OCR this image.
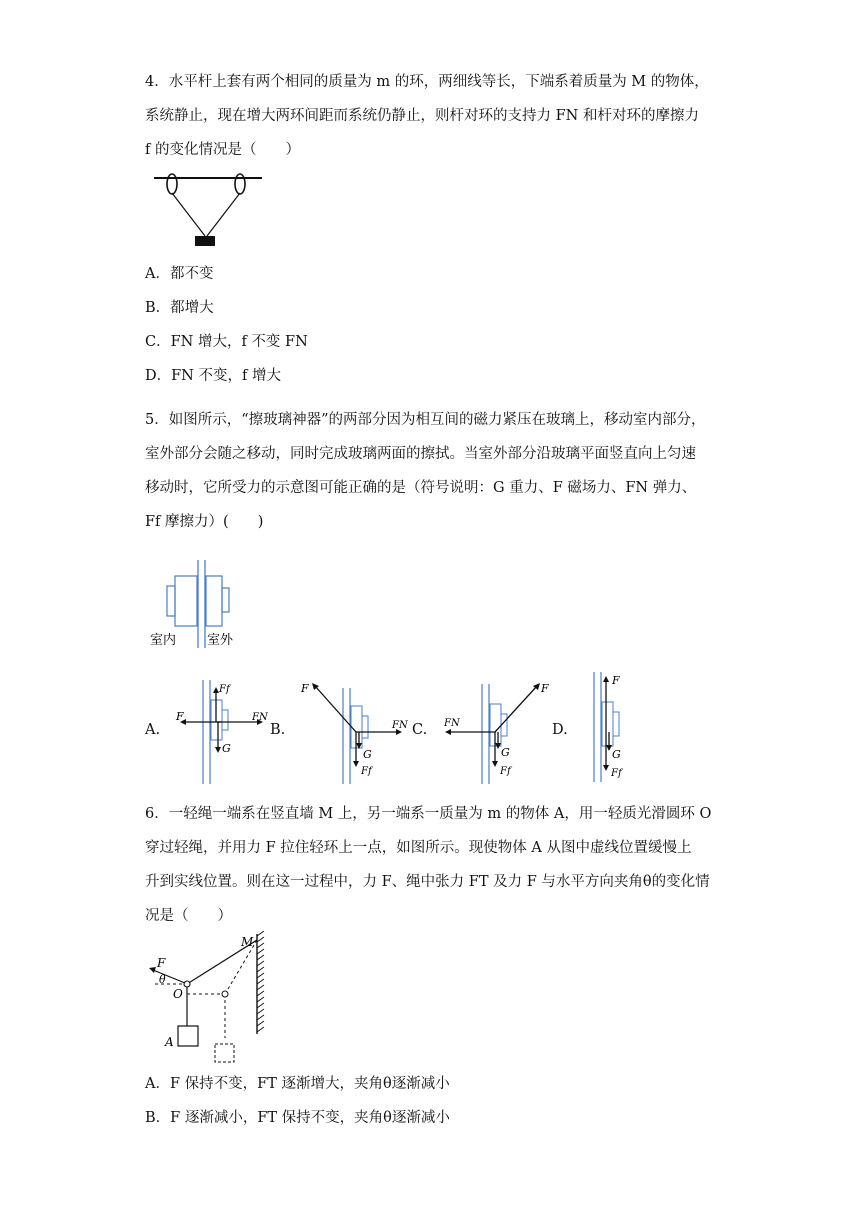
4．水平杆上套有两个相同的质量为 m 的环，两细线等长，下端系着质量为 M 的物体，
系统静止，现在增大两环间距而系统仍静止，则杆对环的支持力 FN 和杆对环的摩擦力
f 的变化情况是（　　）
A．都不变
B．都增大
C．FN 增大，f 不变 FN
D．FN 不变，f 增大
5．如图所示，“擦玻璃神器”的两部分因为相互间的磁力紧压在玻璃上，移动室内部分，
室外部分会随之移动，同时完成玻璃两面的擦拭。当室外部分沿玻璃平面竖直向上匀速
移动时，它所受力的示意图可能正确的是（符号说明：G 重力、F 磁场力、FN 弹力、
Ff 摩擦力）(　　)
室内 室外
A.
F	FN
Ff
G
B.
F
FN
G
Ff
C. FN
F
G
Ff
D.
F
G
Ff
6．一轻绳一端系在竖直墙 M 上，另一端系一质量为 m 的物体 A，用一轻质光滑圆环 O
穿过轻绳，并用力 F 拉住轻环上一点，如图所示。现使物体 A 从图中虚线位置缓慢上
升到实线位置。则在这一过程中，力 F、绳中张力 FT 及力 F 与水平方向夹角θ的变化情
况是（　　）
F
θ
O
M
A
A．F 保持不变，FT 逐渐增大，夹角θ逐渐减小
B．F 逐渐减小，FT 保持不变，夹角θ逐渐减小
